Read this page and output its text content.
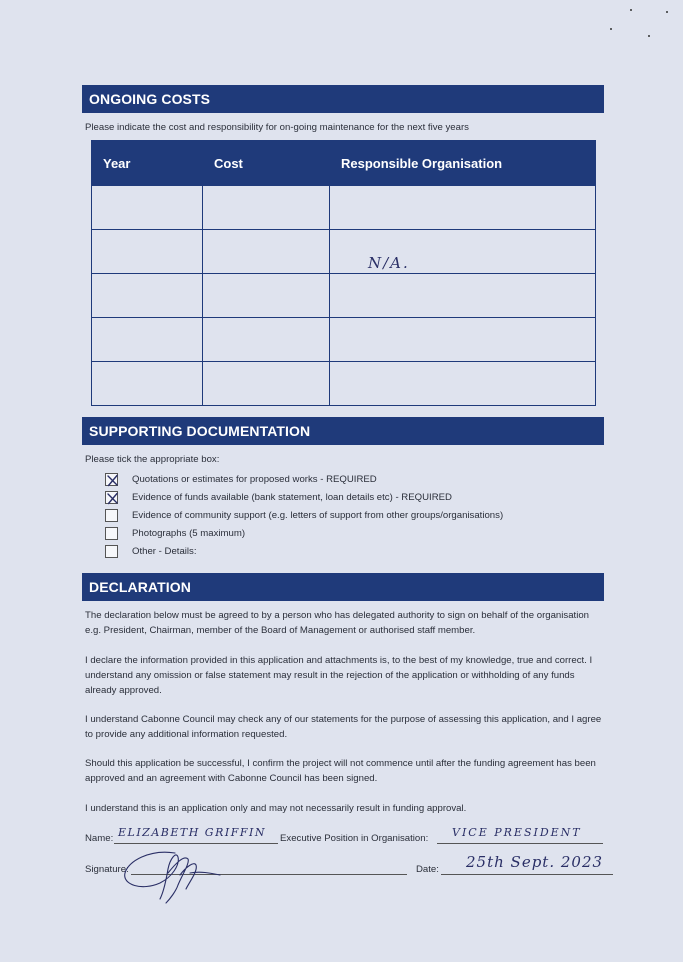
ONGOING COSTS
Please indicate the cost and responsibility for on-going maintenance for the next five years
Year	Cost	Responsible Organisation

		N/A.

SUPPORTING DOCUMENTATION
Please tick the appropriate box:
Quotations or estimates for proposed works - REQUIRED
Evidence of funds available (bank statement, loan details etc) - REQUIRED
Evidence of community support (e.g. letters of support from other groups/organisations)
Photographs (5 maximum)
Other - Details:
DECLARATION
The declaration below must be agreed to by a person who has delegated authority to sign on behalf of the organisation e.g. President, Chairman, member of the Board of Management or authorised staff member.
I declare the information provided in this application and attachments is, to the best of my knowledge, true and correct. I understand any omission or false statement may result in the rejection of the application or withholding of any funds already approved.
I understand Cabonne Council may check any of our statements for the purpose of assessing this application, and I agree to provide any additional information requested.
Should this application be successful, I confirm the project will not commence until after the funding agreement has been approved and an agreement with Cabonne Council has been signed.
I understand this is an application only and may not necessarily result in funding approval.
Name: ELIZABETH GRIFFIN Executive Position in Organisation: VICE PRESIDENT
Signature:	Date: 25th Sept. 2023
